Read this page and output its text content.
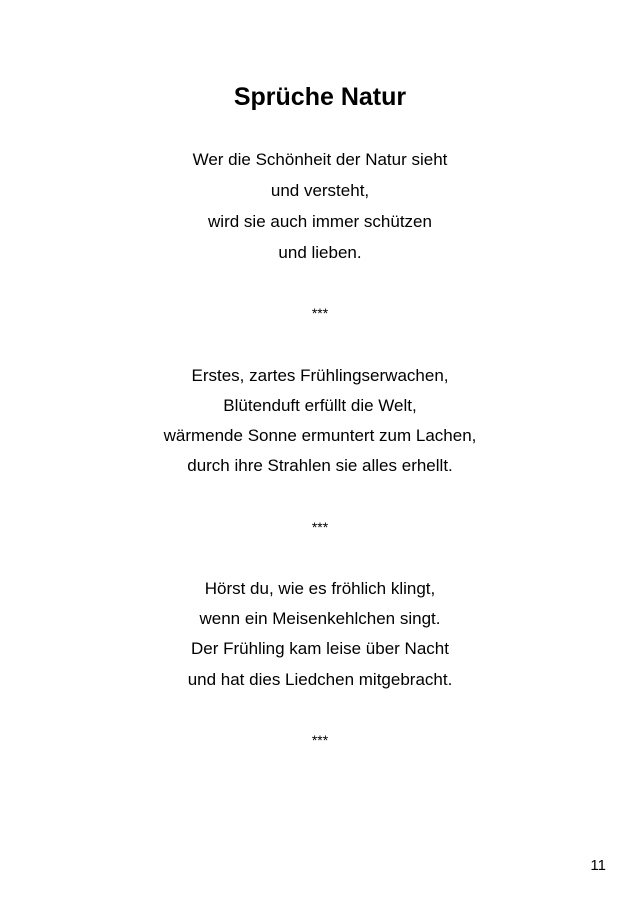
Sprüche Natur
Wer die Schönheit der Natur sieht
und versteht,
wird sie auch immer schützen
und lieben.
***
Erstes, zartes Frühlingserwachen,
Blütenduft erfüllt die Welt,
wärmende Sonne ermuntert zum Lachen,
durch ihre Strahlen sie alles erhellt.
***
Hörst du, wie es fröhlich klingt,
wenn ein Meisenkehlchen singt.
Der Frühling kam leise über Nacht
und hat dies Liedchen mitgebracht.
***
11
